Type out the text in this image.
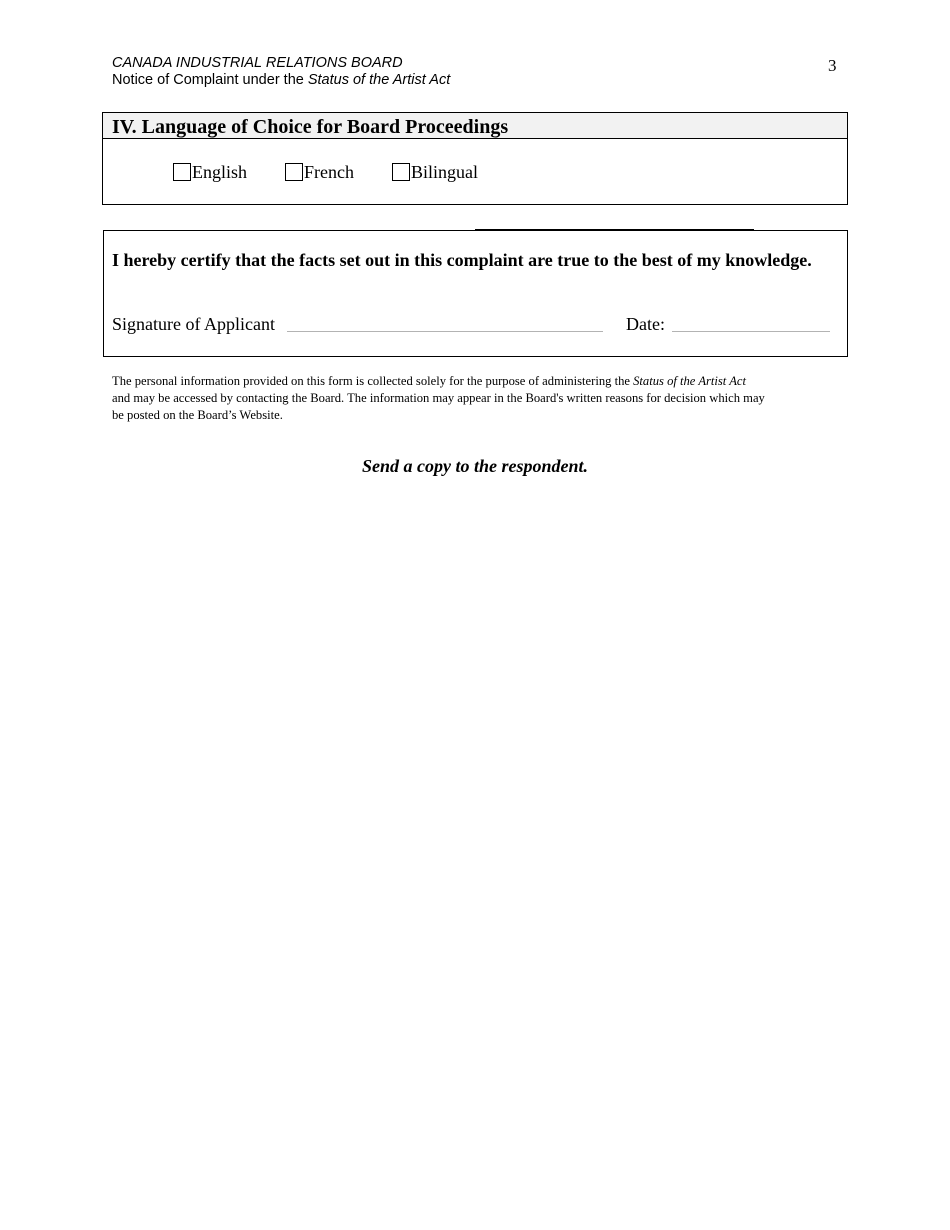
CANADA INDUSTRIAL RELATIONS BOARD
Notice of Complaint under the Status of the Artist Act
3
IV. Language of Choice for Board Proceedings
English	French	Bilingual
I hereby certify that the facts set out in this complaint are true to the best of my knowledge.
Signature of Applicant	Date:

The personal information provided on this form is collected solely for the purpose of administering the Status of the Artist Act

and may be accessed by contacting the Board. The information may appear in the Board's written reasons for decision which may

be posted on the Board’s Website.

Send a copy to the respondent.
